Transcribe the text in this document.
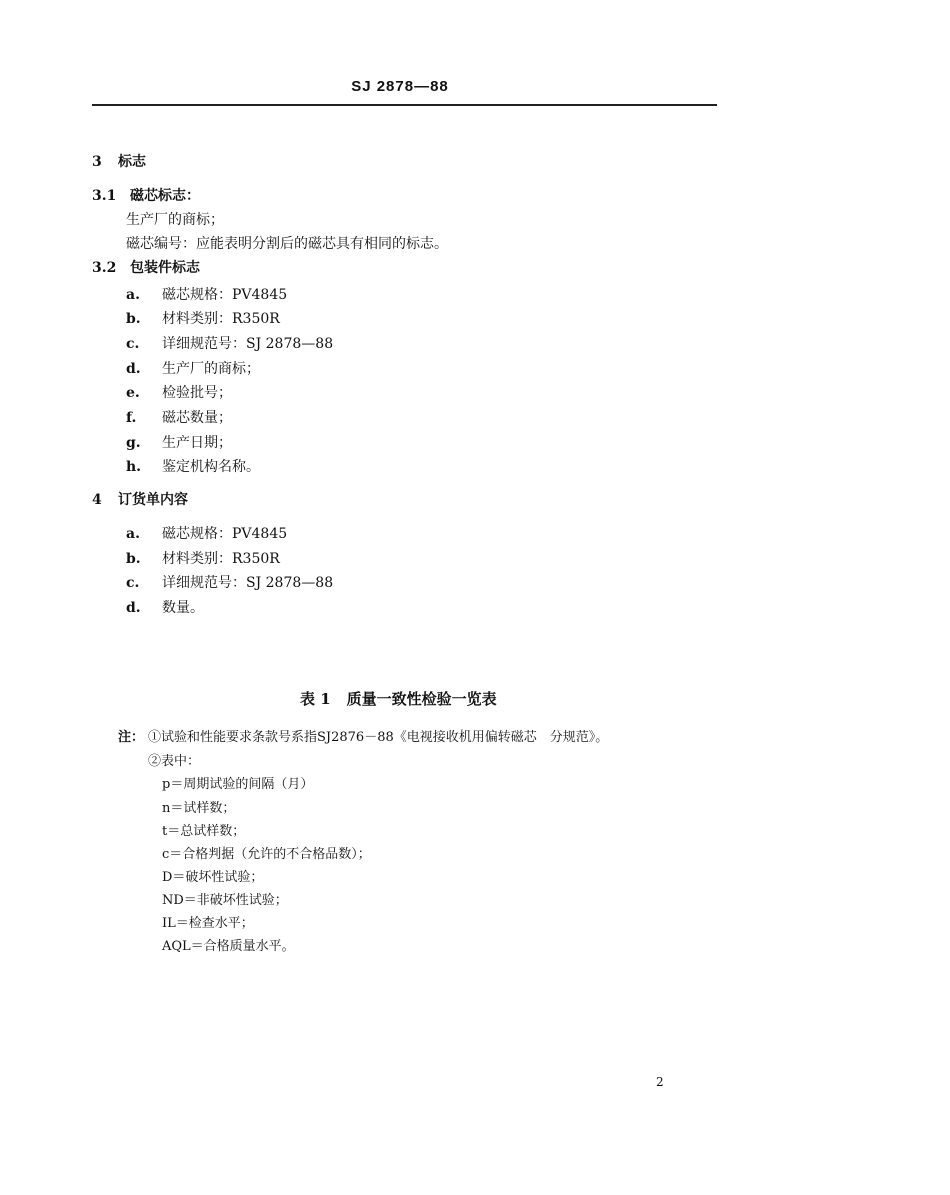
SJ 2878—88
3 标志
3.1 磁芯标志：
生产厂的商标；
磁芯编号：应能表明分割后的磁芯具有相同的标志。
3.2 包装件标志
a. 磁芯规格：PV4845
b. 材料类别：R350R
c. 详细规范号：SJ 2878—88
d. 生产厂的商标；
e. 检验批号；
f. 磁芯数量；
g. 生产日期；
h. 鉴定机构名称。
4 订货单内容
a. 磁芯规格：PV4845
b. 材料类别：R350R
c. 详细规范号：SJ 2878—88
d. 数量。
表 1 质量一致性检验一览表
注： ①试验和性能要求条款号系指SJ2876－88《电视接收机用偏转磁芯　分规范》。
②表中：
p＝周期试验的间隔（月）
n＝试样数；
t＝总试样数；
c＝合格判据（允许的不合格品数）；
D＝破坏性试验；
ND＝非破坏性试验；
IL＝检查水平；
AQL＝合格质量水平。
2
